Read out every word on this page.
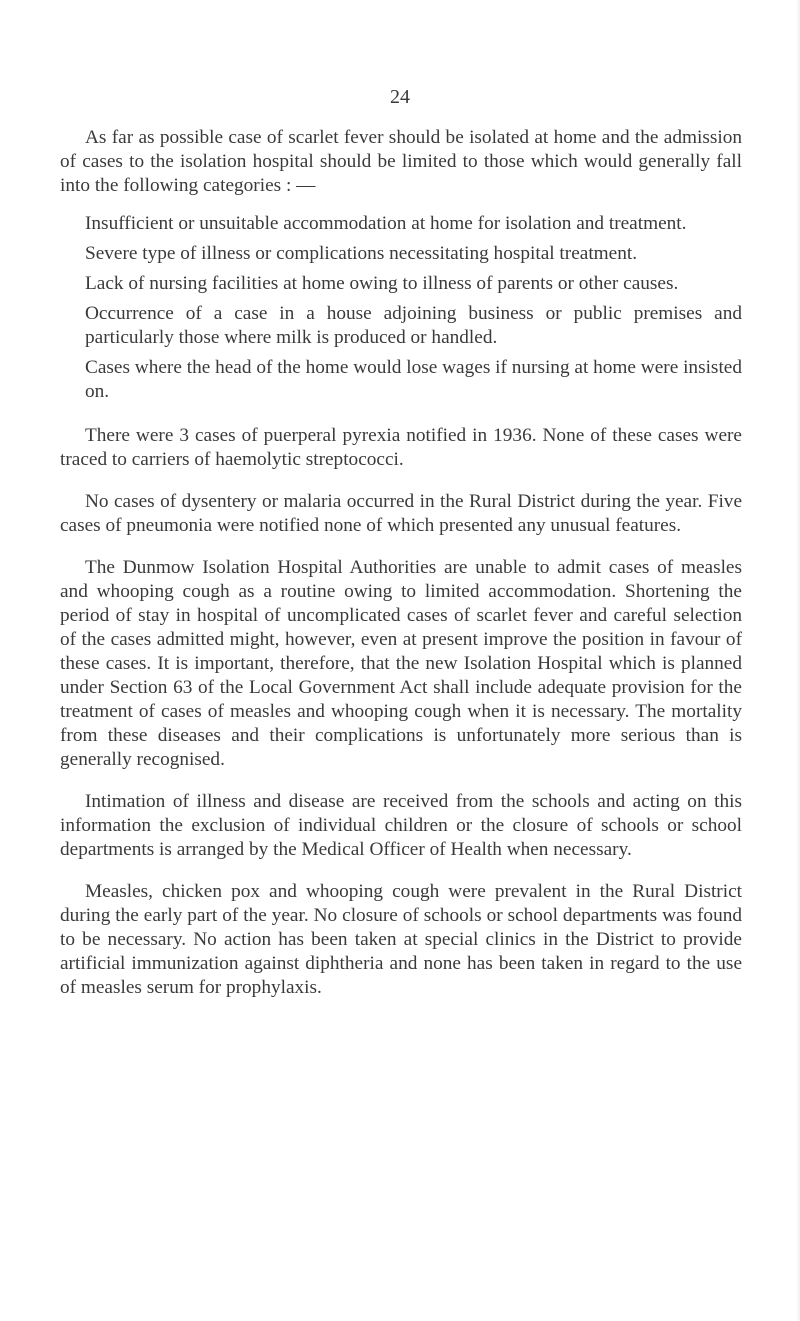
24

As far as possible case of scarlet fever should be isolated at home and the admission of cases to the isolation hospital should be limited to those which would generally fall into the following categories : —

Insufficient or unsuitable accommodation at home for isolation and treatment.
Severe type of illness or complications necessitating hospital treatment.
Lack of nursing facilities at home owing to illness of parents or other causes.
Occurrence of a case in a house adjoining business or public premises and particularly those where milk is produced or handled.
Cases where the head of the home would lose wages if nursing at home were insisted on.

There were 3 cases of puerperal pyrexia notified in 1936. None of these cases were traced to carriers of haemolytic streptococci.

No cases of dysentery or malaria occurred in the Rural District during the year. Five cases of pneumonia were notified none of which presented any unusual features.

The Dunmow Isolation Hospital Authorities are unable to admit cases of measles and whooping cough as a routine owing to limited accommodation. Shortening the period of stay in hospital of uncomplicated cases of scarlet fever and careful selection of the cases admitted might, however, even at present improve the position in favour of these cases. It is important, therefore, that the new Isolation Hospital which is planned under Section 63 of the Local Government Act shall include adequate provision for the treatment of cases of measles and whooping cough when it is necessary. The mortality from these diseases and their complications is unfortunately more serious than is generally recognised.

Intimation of illness and disease are received from the schools and acting on this information the exclusion of individual children or the closure of schools or school departments is arranged by the Medical Officer of Health when necessary.

Measles, chicken pox and whooping cough were prevalent in the Rural District during the early part of the year. No closure of schools or school departments was found to be necessary. No action has been taken at special clinics in the District to provide artificial immunization against diphtheria and none has been taken in regard to the use of measles serum for prophylaxis.
